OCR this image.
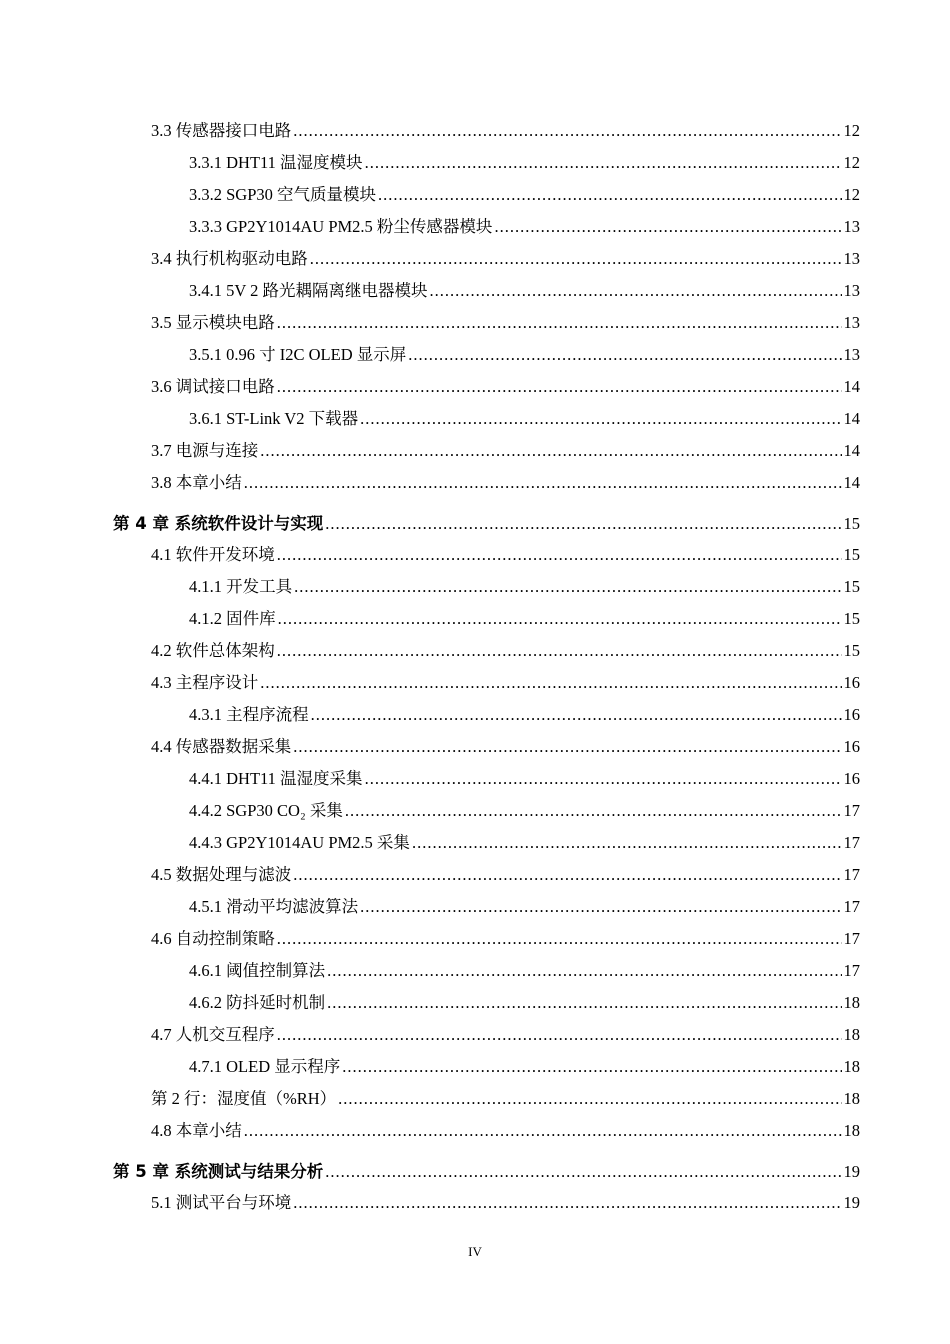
3.3 传感器接口电路 .....	12
3.3.1 DHT11 温湿度模块 .....	12
3.3.2 SGP30 空气质量模块 .....	12
3.3.3 GP2Y1014AU PM2.5 粉尘传感器模块 .....	13
3.4 执行机构驱动电路 .....	13
3.4.1 5V 2 路光耦隔离继电器模块 .....	13
3.5 显示模块电路 .....	13
3.5.1 0.96 寸 I2C OLED 显示屏 .....	13
3.6 调试接口电路 .....	14
3.6.1 ST-Link V2 下载器 .....	14
3.7 电源与连接 .....	14
3.8 本章小结 .....	14
第 4 章 系统软件设计与实现 .....	15
4.1 软件开发环境 .....	15
4.1.1 开发工具 .....	15
4.1.2 固件库 .....	15
4.2 软件总体架构 .....	15
4.3 主程序设计 .....	16
4.3.1 主程序流程 .....	16
4.4 传感器数据采集 .....	16
4.4.1 DHT11 温湿度采集 .....	16
4.4.2 SGP30 CO₂ 采集 .....	17
4.4.3 GP2Y1014AU PM2.5 采集 .....	17
4.5 数据处理与滤波 .....	17
4.5.1 滑动平均滤波算法 .....	17
4.6 自动控制策略 .....	17
4.6.1 阈值控制算法 .....	17
4.6.2 防抖延时机制 .....	18
4.7 人机交互程序 .....	18
4.7.1 OLED 显示程序 .....	18
第 2 行：湿度值（%RH） .....	18
4.8 本章小结 .....	18
第 5 章 系统测试与结果分析 .....	19
5.1 测试平台与环境 .....	19
IV
